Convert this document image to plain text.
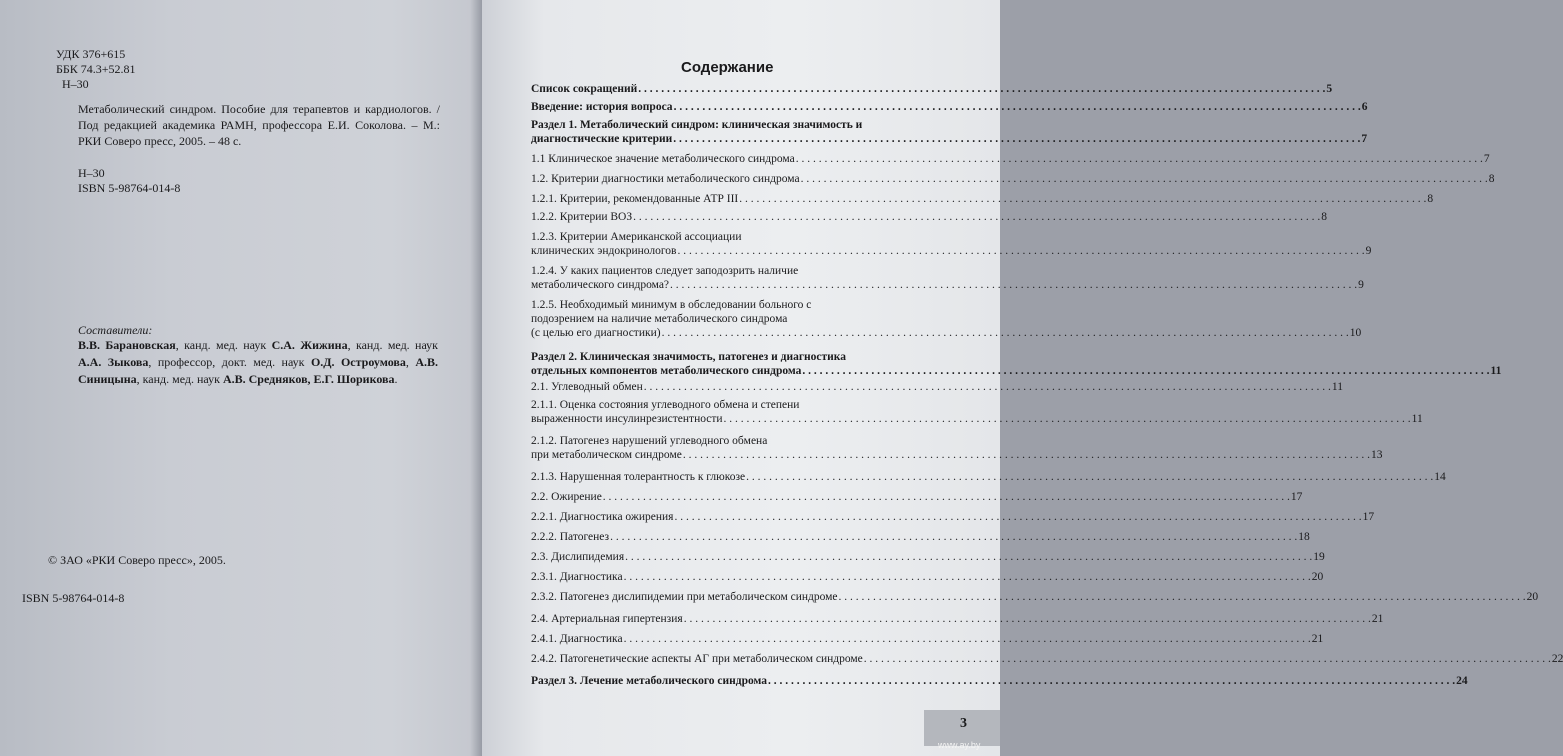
УДК 376+615
ББК 74.3+52.81
Н–30
Метаболический синдром. Пособие для терапевтов и кардиологов. /Под редакцией академика РАМН, профессора Е.И. Соколова. – М.: РКИ Соверо пресс, 2005. – 48 с.
Н–30
ISBN 5-98764-014-8
Составители:
В.В. Барановская, канд. мед. наук С.А. Жижина, канд. мед. наук А.А. Зыкова, профессор, докт. мед. наук О.Д. Остроумова, А.В. Синицына, канд. мед. наук А.В. Средняков, Е.Г. Шорикова.
© ЗАО «РКИ Соверо пресс», 2005.
ISBN 5-98764-014-8
Содержание
Список сокращений . . . . . . . . . . . . . . . . . . . . . . . . . . . . . . . . . . . . . . . . . . . . . . . . . . . . . . . . . . . . . . . . . . . . . . . . . . . . . . . . . . . . . . . . . . . . . . . . . . . . . . . . . . . . . . . . . . . . . . . . 5
Введение: история вопроса . . . . . . . . . . . . . . . . . . . . . . . . . . . . . . . . . . . . . . . . . . . . . . . . . . . . . . . . . . . . . . . . . . . . . . . . . . . . . . . . . . . . . . . . . . . . . . . . . . . . . . . . . . . . . . . . . . . . . . . . 6
Раздел 1. Метаболический синдром: клиническая значимость и
диагностические критерии . . . . . . . . . . . . . . . . . . . . . . . . . . . . . . . . . . . . . . . . . . . . . . . . . . . . . . . . . . . . . . . . . . . . . . . . . . . . . . . . . . . . . . . . . . . . . . . . . . . . . . . . . . . . . . . . . . . . . . . . 7
1.1 Клиническое значение метаболического синдрома . . . . . . . . . . . . . . . . . . . . . . . . . . . . . . . . . . . . . . . . . . . . . . . . . . . . . . . . . . . . . . . . . . . . . . . . . . . . . . . . . . . . . . . . . . . . . . . . . . . . . . . . . . . . . . . . . . . . . . . . 7
1.2. Критерии диагностики метаболического синдрома . . . . . . . . . . . . . . . . . . . . . . . . . . . . . . . . . . . . . . . . . . . . . . . . . . . . . . . . . . . . . . . . . . . . . . . . . . . . . . . . . . . . . . . . . . . . . . . . . . . . . . . . . . . . . . . . . . . . . . . . 8
1.2.1. Критерии, рекомендованные АТР III . . . . . . . . . . . . . . . . . . . . . . . . . . . . . . . . . . . . . . . . . . . . . . . . . . . . . . . . . . . . . . . . . . . . . . . . . . . . . . . . . . . . . . . . . . . . . . . . . . . . . . . . . . . . . . . . . . . . . . . . 8
1.2.2. Критерии ВОЗ . . . . . . . . . . . . . . . . . . . . . . . . . . . . . . . . . . . . . . . . . . . . . . . . . . . . . . . . . . . . . . . . . . . . . . . . . . . . . . . . . . . . . . . . . . . . . . . . . . . . . . . . . . . . . . . . . . . . . . . . 8
1.2.3. Критерии Американской ассоциации
клинических эндокринологов . . . . . . . . . . . . . . . . . . . . . . . . . . . . . . . . . . . . . . . . . . . . . . . . . . . . . . . . . . . . . . . . . . . . . . . . . . . . . . . . . . . . . . . . . . . . . . . . . . . . . . . . . . . . . . . . . . . . . . . . 9
1.2.4. У каких пациентов следует заподозрить наличие
метаболического синдрома? . . . . . . . . . . . . . . . . . . . . . . . . . . . . . . . . . . . . . . . . . . . . . . . . . . . . . . . . . . . . . . . . . . . . . . . . . . . . . . . . . . . . . . . . . . . . . . . . . . . . . . . . . . . . . . . . . . . . . . . . 9
1.2.5. Необходимый минимум в обследовании больного с
подозрением на наличие метаболического синдрома
(с целью его диагностики) . . . . . . . . . . . . . . . . . . . . . . . . . . . . . . . . . . . . . . . . . . . . . . . . . . . . . . . . . . . . . . . . . . . . . . . . . . . . . . . . . . . . . . . . . . . . . . . . . . . . . . . . . . . . . . . . . . . . . . . . 10
Раздел 2. Клиническая значимость, патогенез и диагностика
отдельных компонентов метаболического синдрома . . . . . . . . . . . . . . . . . . . . . . . . . . . . . . . . . . . . . . . . . . . . . . . . . . . . . . . . . . . . . . . . . . . . . . . . . . . . . . . . . . . . . . . . . . . . . . . . . . . . . . . . . . . . . . . . . . . . . . . . 11
2.1. Углеводный обмен . . . . . . . . . . . . . . . . . . . . . . . . . . . . . . . . . . . . . . . . . . . . . . . . . . . . . . . . . . . . . . . . . . . . . . . . . . . . . . . . . . . . . . . . . . . . . . . . . . . . . . . . . . . . . . . . . . . . . . . . 11
2.1.1. Оценка состояния углеводного обмена и степени
выраженности инсулинрезистентности . . . . . . . . . . . . . . . . . . . . . . . . . . . . . . . . . . . . . . . . . . . . . . . . . . . . . . . . . . . . . . . . . . . . . . . . . . . . . . . . . . . . . . . . . . . . . . . . . . . . . . . . . . . . . . . . . . . . . . . . 11
2.1.2. Патогенез нарушений углеводного обмена
при метаболическом синдроме . . . . . . . . . . . . . . . . . . . . . . . . . . . . . . . . . . . . . . . . . . . . . . . . . . . . . . . . . . . . . . . . . . . . . . . . . . . . . . . . . . . . . . . . . . . . . . . . . . . . . . . . . . . . . . . . . . . . . . . . 13
2.1.3. Нарушенная толерантность к глюкозе . . . . . . . . . . . . . . . . . . . . . . . . . . . . . . . . . . . . . . . . . . . . . . . . . . . . . . . . . . . . . . . . . . . . . . . . . . . . . . . . . . . . . . . . . . . . . . . . . . . . . . . . . . . . . . . . . . . . . . . . 14
2.2. Ожирение . . . . . . . . . . . . . . . . . . . . . . . . . . . . . . . . . . . . . . . . . . . . . . . . . . . . . . . . . . . . . . . . . . . . . . . . . . . . . . . . . . . . . . . . . . . . . . . . . . . . . . . . . . . . . . . . . . . . . . . . 17
2.2.1. Диагностика ожирения . . . . . . . . . . . . . . . . . . . . . . . . . . . . . . . . . . . . . . . . . . . . . . . . . . . . . . . . . . . . . . . . . . . . . . . . . . . . . . . . . . . . . . . . . . . . . . . . . . . . . . . . . . . . . . . . . . . . . . . . 17
2.2.2. Патогенез . . . . . . . . . . . . . . . . . . . . . . . . . . . . . . . . . . . . . . . . . . . . . . . . . . . . . . . . . . . . . . . . . . . . . . . . . . . . . . . . . . . . . . . . . . . . . . . . . . . . . . . . . . . . . . . . . . . . . . . . 18
2.3. Дислипидемия . . . . . . . . . . . . . . . . . . . . . . . . . . . . . . . . . . . . . . . . . . . . . . . . . . . . . . . . . . . . . . . . . . . . . . . . . . . . . . . . . . . . . . . . . . . . . . . . . . . . . . . . . . . . . . . . . . . . . . . . 19
2.3.1. Диагностика . . . . . . . . . . . . . . . . . . . . . . . . . . . . . . . . . . . . . . . . . . . . . . . . . . . . . . . . . . . . . . . . . . . . . . . . . . . . . . . . . . . . . . . . . . . . . . . . . . . . . . . . . . . . . . . . . . . . . . . . 20
2.3.2. Патогенез дислипидемии при метаболическом синдроме . . . . . . . . . . . . . . . . . . . . . . . . . . . . . . . . . . . . . . . . . . . . . . . . . . . . . . . . . . . . . . . . . . . . . . . . . . . . . . . . . . . . . . . . . . . . . . . . . . . . . . . . . . . . . . . . . . . . . . . . 20
2.4. Артериальная гипертензия . . . . . . . . . . . . . . . . . . . . . . . . . . . . . . . . . . . . . . . . . . . . . . . . . . . . . . . . . . . . . . . . . . . . . . . . . . . . . . . . . . . . . . . . . . . . . . . . . . . . . . . . . . . . . . . . . . . . . . . . 21
2.4.1. Диагностика . . . . . . . . . . . . . . . . . . . . . . . . . . . . . . . . . . . . . . . . . . . . . . . . . . . . . . . . . . . . . . . . . . . . . . . . . . . . . . . . . . . . . . . . . . . . . . . . . . . . . . . . . . . . . . . . . . . . . . . . 21
2.4.2. Патогенетические аспекты АГ при метаболическом синдроме . . . . . . . . . . . . . . . . . . . . . . . . . . . . . . . . . . . . . . . . . . . . . . . . . . . . . . . . . . . . . . . . . . . . . . . . . . . . . . . . . . . . . . . . . . . . . . . . . . . . . . . . . . . . . . . . . . . . . . . . 22
Раздел 3. Лечение метаболического синдрома . . . . . . . . . . . . . . . . . . . . . . . . . . . . . . . . . . . . . . . . . . . . . . . . . . . . . . . . . . . . . . . . . . . . . . . . . . . . . . . . . . . . . . . . . . . . . . . . . . . . . . . . . . . . . . . . . . . . . . . . 24
3
www.ay.by
